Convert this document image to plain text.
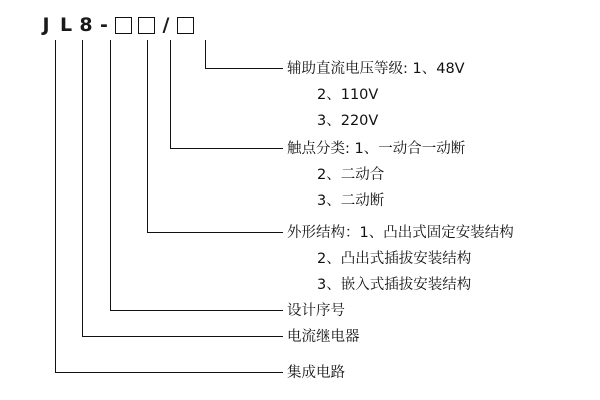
J L 8 -	/
辅助直流电压等级: 1、48V
2、110V
3、220V
触点分类: 1、一动合一动断
2、二动合
3、二动断
外形结构：1、凸出式固定安装结构
2、凸出式插拔安装结构
3、嵌入式插拔安装结构
设计序号
电流继电器
集成电路
